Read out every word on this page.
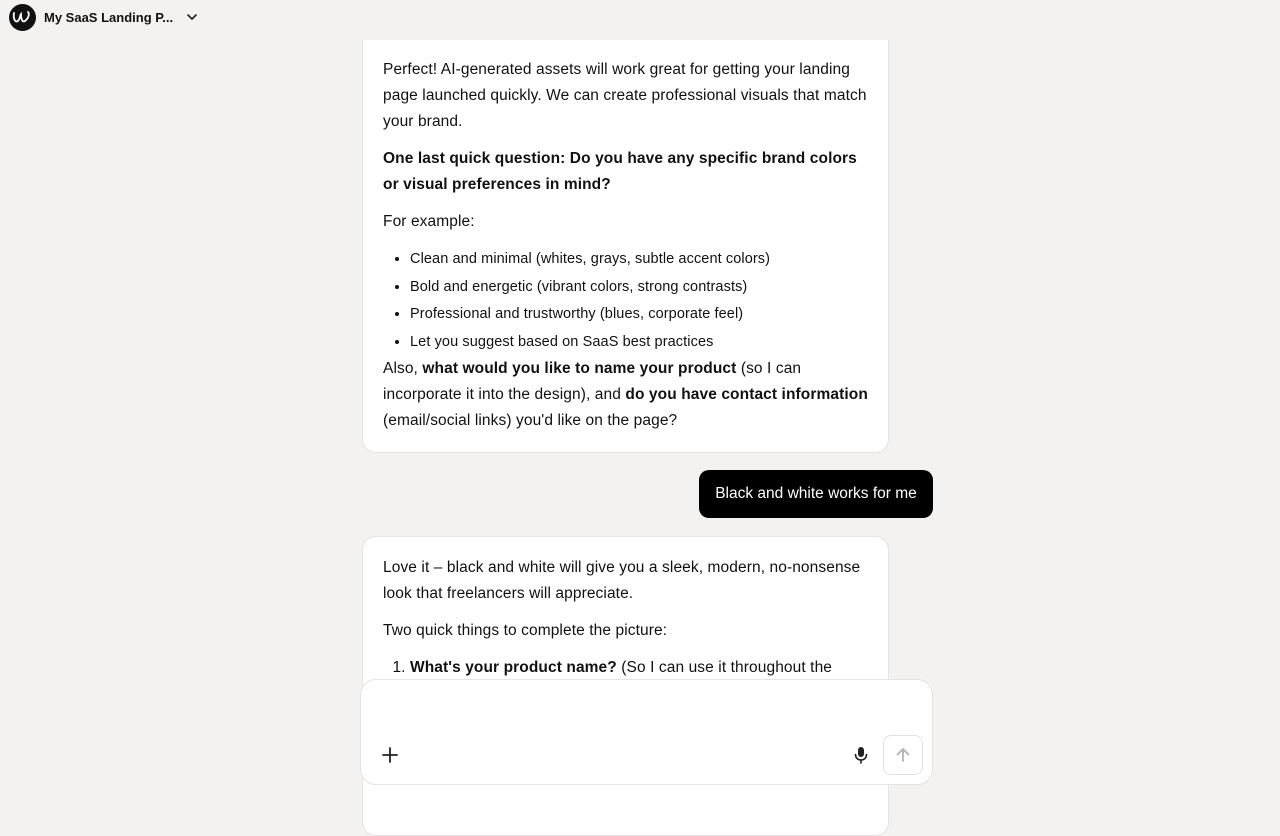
Perfect! AI-generated assets will work great for getting your landing page launched quickly. We can create professional visuals that match your brand.

One last quick question: Do you have any specific brand colors or visual preferences in mind?

For example:

• Clean and minimal (whites, grays, subtle accent colors)
• Bold and energetic (vibrant colors, strong contrasts)
• Professional and trustworthy (blues, corporate feel)
• Let you suggest based on SaaS best practices

Also, what would you like to name your product (so I can incorporate it into the design), and do you have contact information (email/social links) you'd like on the page?

Black and white works for me

Love it – black and white will give you a sleek, modern, no-nonsense look that freelancers will appreciate.

Two quick things to complete the picture:

1. What's your product name? (So I can use it throughout the
My SaaS Landing P...
